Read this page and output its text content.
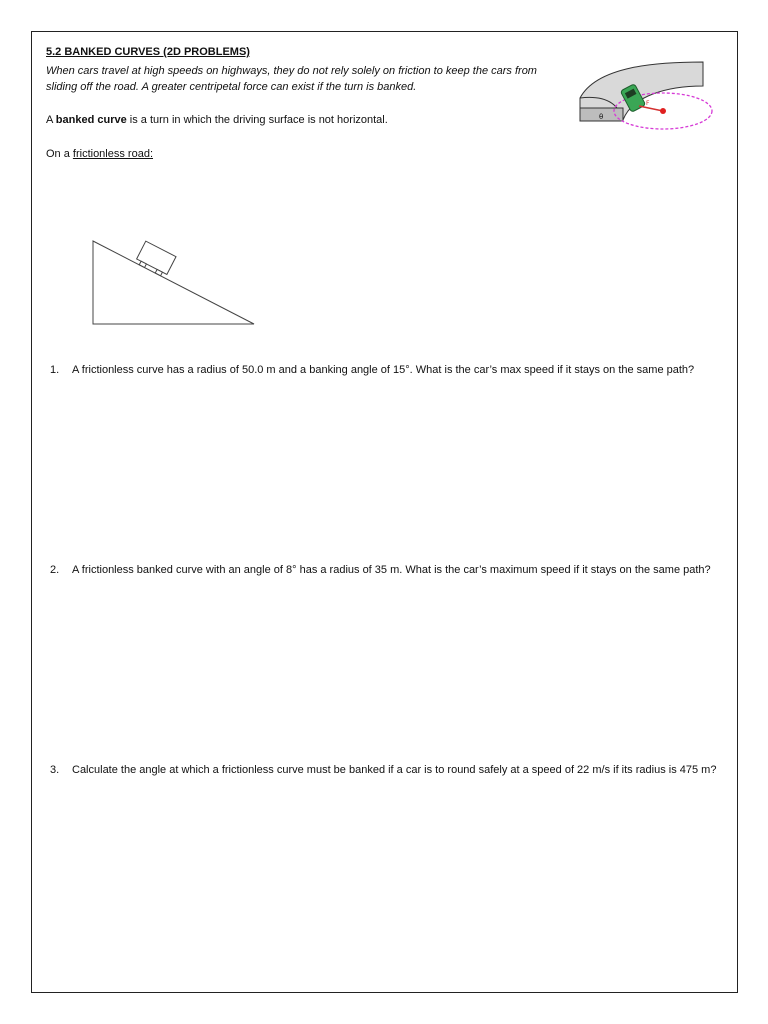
5.2 BANKED CURVES (2D PROBLEMS)

When cars travel at high speeds on highways, they do not rely solely on friction to keep the cars from sliding off the road. A greater centripetal force can exist if the turn is banked.

A banked curve is a turn in which the driving surface is not horizontal.

On a frictionless road:

θ
F
1. A frictionless curve has a radius of 50.0 m and a banking angle of 15°. What is the car’s max speed if it stays on the same path?
2. A frictionless banked curve with an angle of 8° has a radius of 35 m. What is the car’s maximum speed if it stays on the same path?
3. Calculate the angle at which a frictionless curve must be banked if a car is to round safely at a speed of 22 m/s if its radius is 475 m?
